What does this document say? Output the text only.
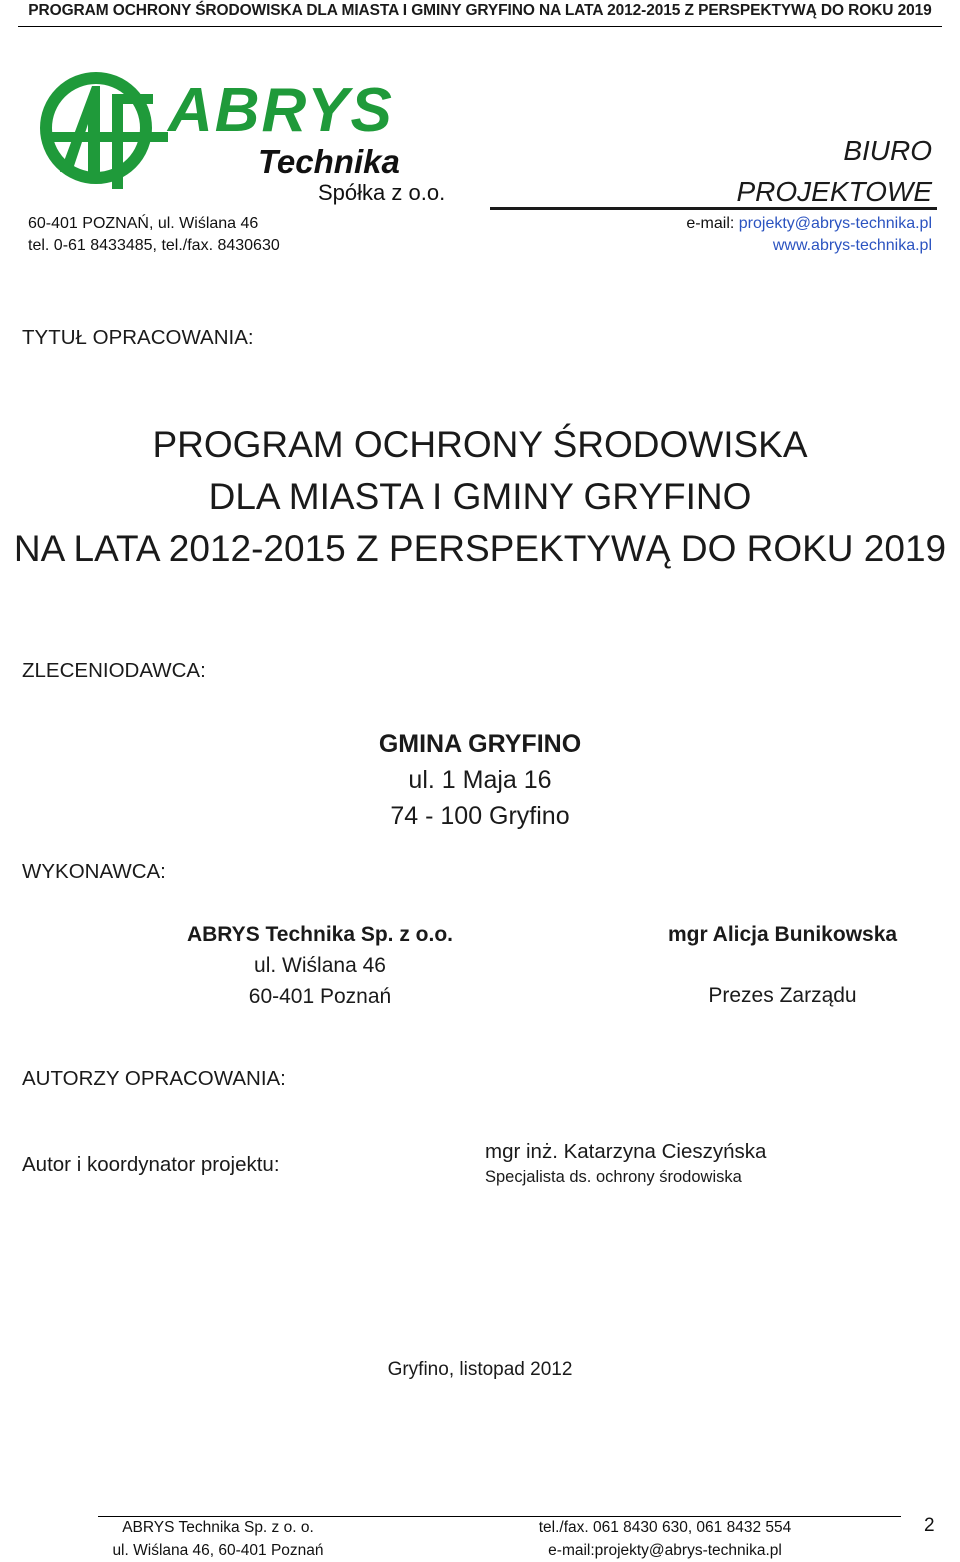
PROGRAM OCHRONY ŚRODOWISKA DLA MIASTA I GMINY GRYFINO NA LATA 2012-2015 Z PERSPEKTYWĄ DO ROKU 2019
ABRYS
Technika
Spółka z o.o.
60-401 POZNAŃ, ul. Wiślana 46
tel. 0-61 8433485, tel./fax. 8430630
BIURO
PROJEKTOWE
e-mail: projekty@abrys-technika.pl
www.abrys-technika.pl
TYTUŁ OPRACOWANIA:
PROGRAM OCHRONY ŚRODOWISKA
DLA MIASTA I GMINY GRYFINO
NA LATA 2012-2015 Z PERSPEKTYWĄ DO ROKU 2019
ZLECENIODAWCA:
GMINA GRYFINO
ul. 1 Maja 16
74 - 100 Gryfino
WYKONAWCA:
ABRYS Technika Sp. z o.o.
ul. Wiślana 46
60-401 Poznań
mgr Alicja Bunikowska
Prezes Zarządu
AUTORZY OPRACOWANIA:
Autor i koordynator projektu:
mgr inż. Katarzyna Cieszyńska
Specjalista ds. ochrony środowiska
Gryfino, listopad 2012
ABRYS Technika Sp. z o. o.
ul. Wiślana 46, 60-401 Poznań
tel./fax. 061 8430 630, 061 8432 554
e-mail:projekty@abrys-technika.pl
2
